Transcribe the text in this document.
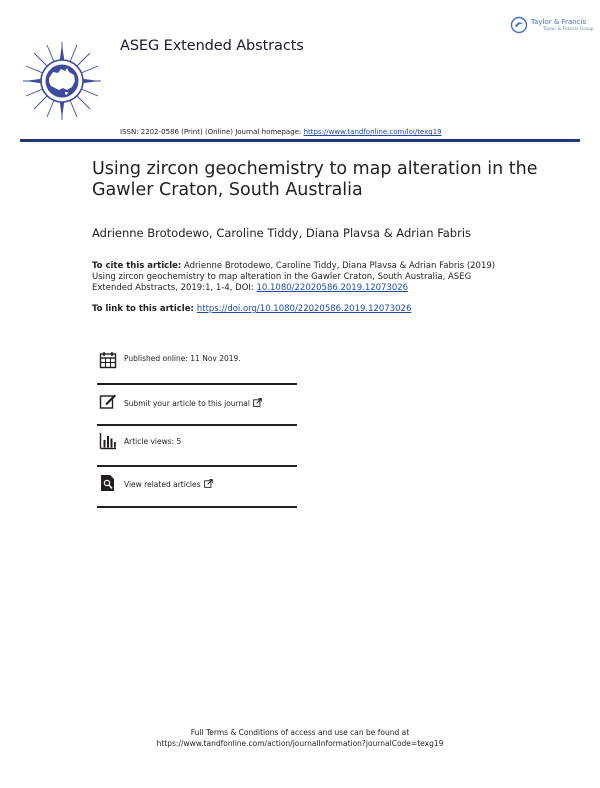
ASEG Extended Abstracts
Taylor & Francis
Taylor & Francis Group
ISSN: 2202-0586 (Print) (Online) Journal homepage: https://www.tandfonline.com/loi/texg19
Using zircon geochemistry to map alteration in the Gawler Craton, South Australia
Adrienne Brotodewo, Caroline Tiddy, Diana Plavsa & Adrian Fabris
To cite this article: Adrienne Brotodewo, Caroline Tiddy, Diana Plavsa & Adrian Fabris (2019) Using zircon geochemistry to map alteration in the Gawler Craton, South Australia, ASEG Extended Abstracts, 2019:1, 1-4, DOI: 10.1080/22020586.2019.12073026
To link to this article: https://doi.org/10.1080/22020586.2019.12073026
Published online: 11 Nov 2019.
Submit your article to this journal
Article views: 5
View related articles
Full Terms & Conditions of access and use can be found at
https://www.tandfonline.com/action/journalInformation?journalCode=texg19
